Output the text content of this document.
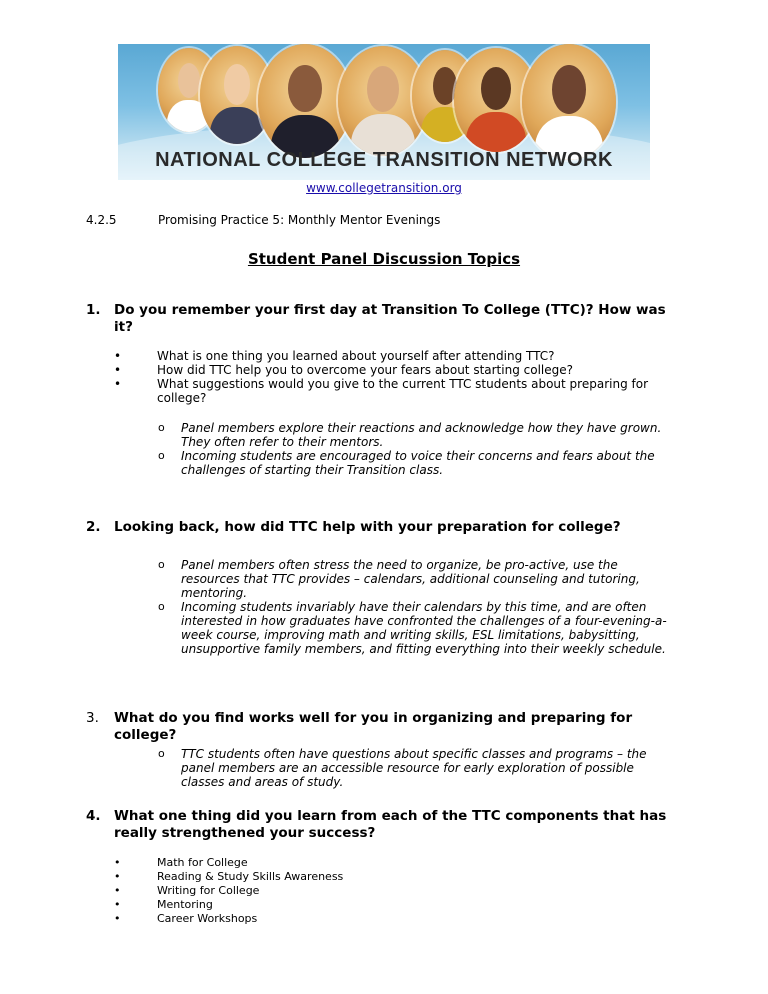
NATIONAL COLLEGE TRANSITION NETWORK
www.collegetransition.org
4.2.5	Promising Practice 5: Monthly Mentor Evenings
Student Panel Discussion Topics
1. Do you remember your first day at Transition To College (TTC)? How was it?
• What is one thing you learned about yourself after attending TTC?
• How did TTC help you to overcome your fears about starting college?
• What suggestions would you give to the current TTC students about preparing for college?
o Panel members explore their reactions and acknowledge how they have grown. They often refer to their mentors.
o Incoming students are encouraged to voice their concerns and fears about the challenges of starting their Transition class.
2. Looking back, how did TTC help with your preparation for college?
o Panel members often stress the need to organize, be pro-active, use the resources that TTC provides – calendars, additional counseling and tutoring, mentoring.
o Incoming students invariably have their calendars by this time, and are often interested in how graduates have confronted the challenges of a four-evening-a-week course, improving math and writing skills, ESL limitations, babysitting, unsupportive family members, and fitting everything into their weekly schedule.
3.	What do you find works well for you in organizing and preparing for college?
o TTC students often have questions about specific classes and programs – the panel members are an accessible resource for early exploration of possible classes and areas of study.
4. What one thing did you learn from each of the TTC components that has really strengthened your success?
• Math for College
• Reading & Study Skills Awareness
• Writing for College
• Mentoring
• Career Workshops
